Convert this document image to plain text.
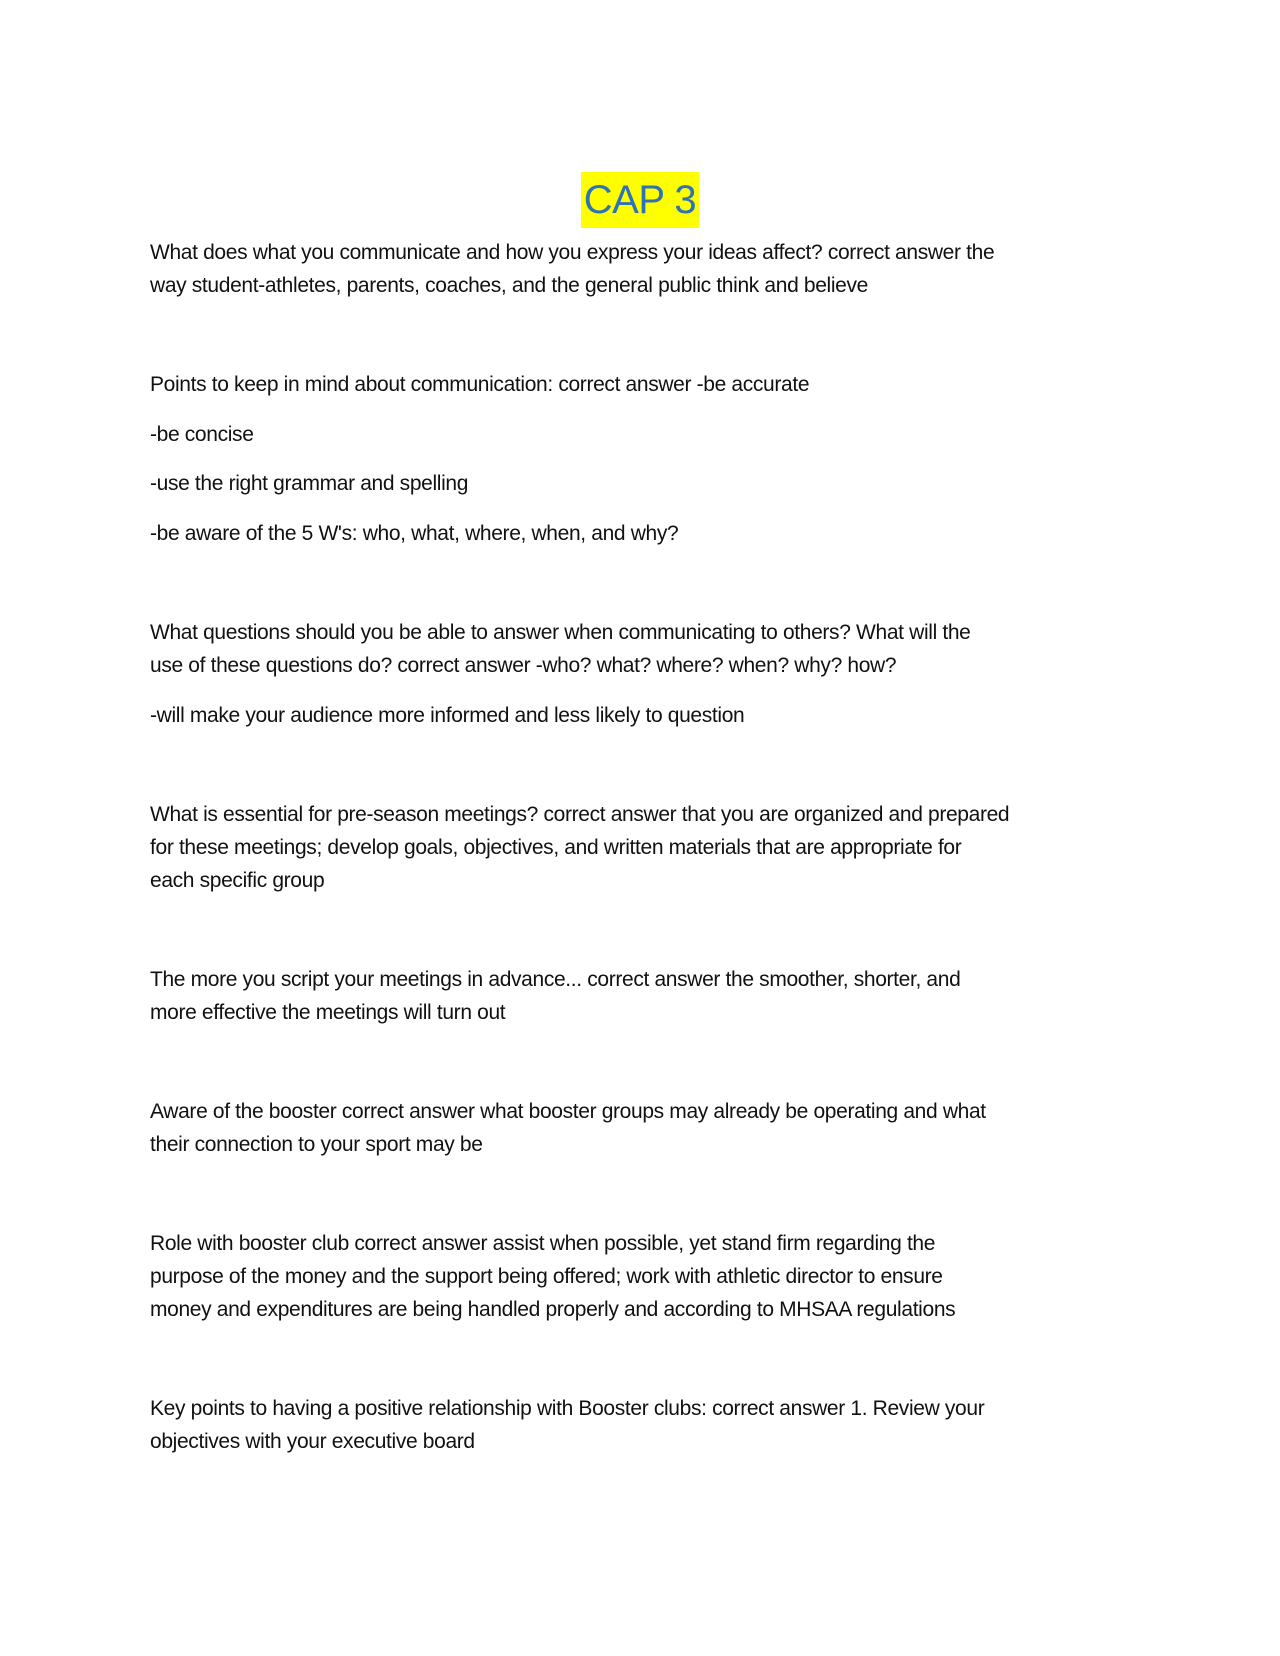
CAP 3
What does what you communicate and how you express your ideas affect? correct answer the
way student-athletes, parents, coaches, and the general public think and believe
Points to keep in mind about communication: correct answer -be accurate
-be concise
-use the right grammar and spelling
-be aware of the 5 W's: who, what, where, when, and why?
What questions should you be able to answer when communicating to others? What will the
use of these questions do? correct answer -who? what? where? when? why? how?
-will make your audience more informed and less likely to question
What is essential for pre-season meetings? correct answer that you are organized and prepared
for these meetings; develop goals, objectives, and written materials that are appropriate for
each specific group
The more you script your meetings in advance... correct answer the smoother, shorter, and
more effective the meetings will turn out
Aware of the booster correct answer what booster groups may already be operating and what
their connection to your sport may be
Role with booster club correct answer assist when possible, yet stand firm regarding the
purpose of the money and the support being offered; work with athletic director to ensure
money and expenditures are being handled properly and according to MHSAA regulations
Key points to having a positive relationship with Booster clubs: correct answer 1. Review your
objectives with your executive board
